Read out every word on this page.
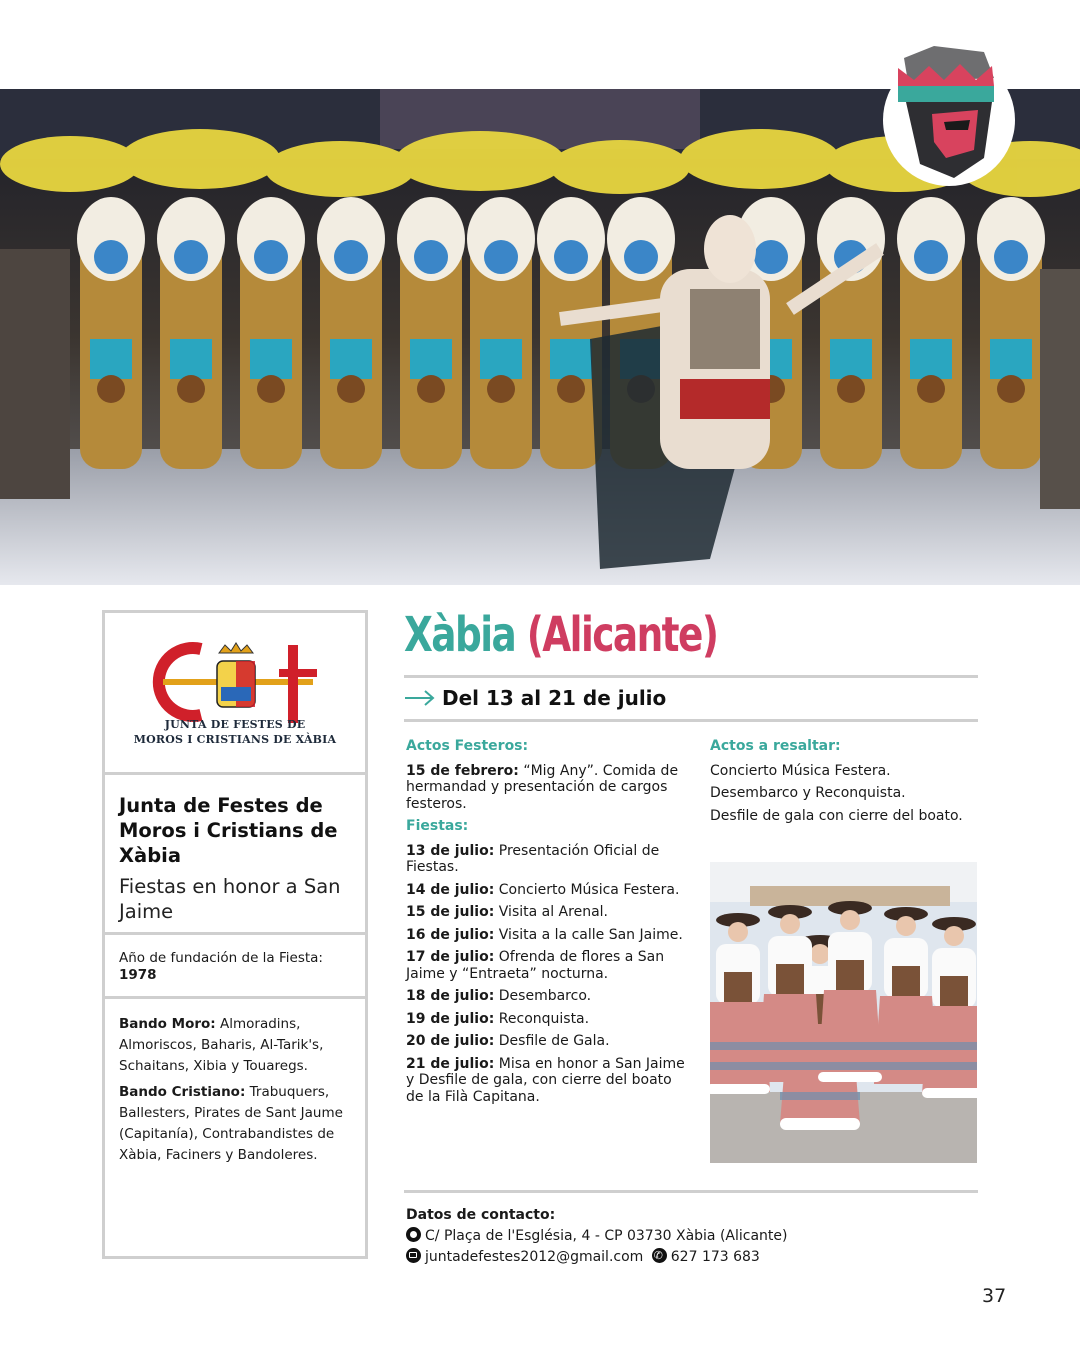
JUNTA DE FESTES DE
MOROS I CRISTIANS DE XÀBIA
Junta de Festes de Moros i Cristians de Xàbia
Fiestas en honor a San Jaime
Año de fundación de la Fiesta: 1978

Bando Moro: Almoradins, Almoriscos, Baharis, Al-Tarik's, Schaitans, Xibia y Touaregs.

Bando Cristiano: Trabuquers, Ballesters, Pirates de Sant Jaume (Capitanía), Contrabandistes de Xàbia, Faciners y Bandoleres.

Xàbia (Alicante)
Del 13 al 21 de julio
Actos Festeros:

15 de febrero: “Mig Any”. Comida de hermandad y presentación de cargos festeros.

Fiestas:

13 de julio: Presentación Oficial de Fiestas.

14 de julio: Concierto Música Festera.

15 de julio: Visita al Arenal.

16 de julio: Visita a la calle San Jaime.

17 de julio: Ofrenda de flores a San Jaime y “Entraeta” nocturna.

18 de julio: Desembarco.

19 de julio: Reconquista.

20 de julio: Desfile de Gala.

21 de julio: Misa en honor a San Jaime y Desfile de gala, con cierre del boato de la Filà Capitana.

Actos a resaltar:

Concierto Música Festera.

Desembarco y Reconquista.

Desfile de gala con cierre del boato.

Datos de contacto:
C/ Plaça de l'Església, 4 - CP 03730 Xàbia (Alicante)
juntadefestes2012@gmail.com ✆ 627 173 683
37
